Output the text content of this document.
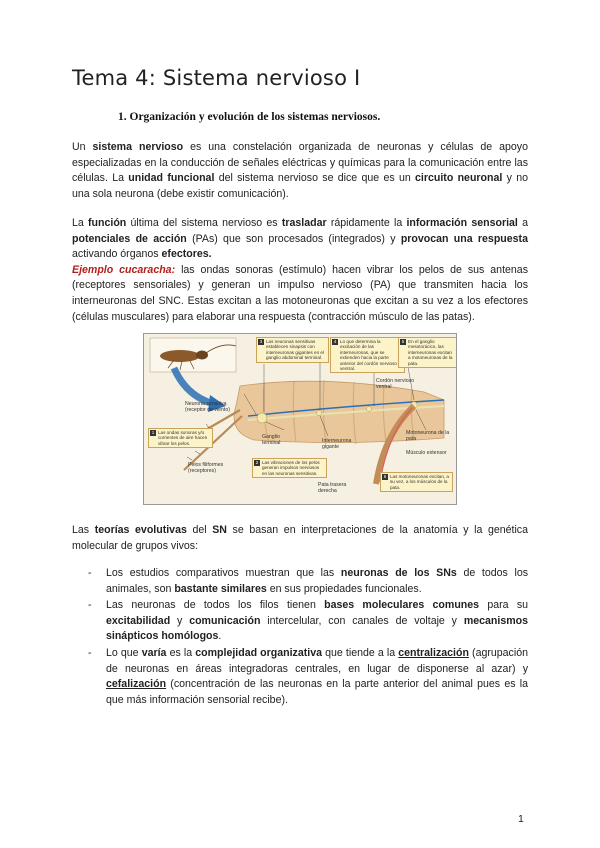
Tema 4: Sistema nervioso I
1. Organización y evolución de los sistemas nerviosos.

Un sistema nervioso es una constelación organizada de neuronas y células de apoyo especializadas en la conducción de señales eléctricas y químicas para la comunicación entre las células. La unidad funcional del sistema nervioso se dice que es un circuito neuronal y no una sola neurona (debe existir comunicación).

La función última del sistema nervioso es trasladar rápidamente la información sensorial a potenciales de acción (PAs) que son procesados (integrados) y provocan una respuesta activando órganos efectores.
Ejemplo cucaracha: las ondas sonoras (estímulo) hacen vibrar los pelos de sus antenas (receptores sensoriales) y generan un impulso nervioso (PA) que transmiten hacia los interneuronas del SNC. Estas excitan a las motoneuronas que excitan a su vez a los efectores (células musculares) para elaborar una respuesta (contracción músculo de las patas).

Neurona sensitiva (receptor de viento)
Cordón nervioso ventral
Ganglio terminal	Interneurona gigante
Motoneurona de la pata
Músculo extensor
Pelos filiformes (receptores)
Pata trasera derecha
1 Las ondas sonoras y/o corrientes de aire hacen vibrar los pelos.
2 Las vibraciones de los pelos generan impulsos nerviosos en las neuronas sensitivas.
3 Las neuronas sensitivas establecen sinapsis con interneuronas gigantes en el ganglio abdominal terminal.
4 Lo que determina la excitación de las interneuronas, que se extienden hacia la parte anterior del cordón nervioso ventral.
5 En el ganglio mesotorácico, las interneuronas excitan a motoneuronas de la pata.
6 Las motoneuronas excitan, a su vez, a los músculos de la pata.

Las teorías evolutivas del SN se basan en interpretaciones de la anatomía y la genética molecular de grupos vivos:

- Los estudios comparativos muestran que las neuronas de los SNs de todos los animales, son bastante similares en sus propiedades funcionales.
- Las neuronas de todos los filos tienen bases moleculares comunes para su excitabilidad y comunicación intercelular, con canales de voltaje y mecanismos sinápticos homólogos.
- Lo que varía es la complejidad organizativa que tiende a la centralización (agrupación de neuronas en áreas integradoras centrales, en lugar de disponerse al azar) y cefalización (concentración de las neuronas en la parte anterior del animal pues es la que más información sensorial recibe).
1
